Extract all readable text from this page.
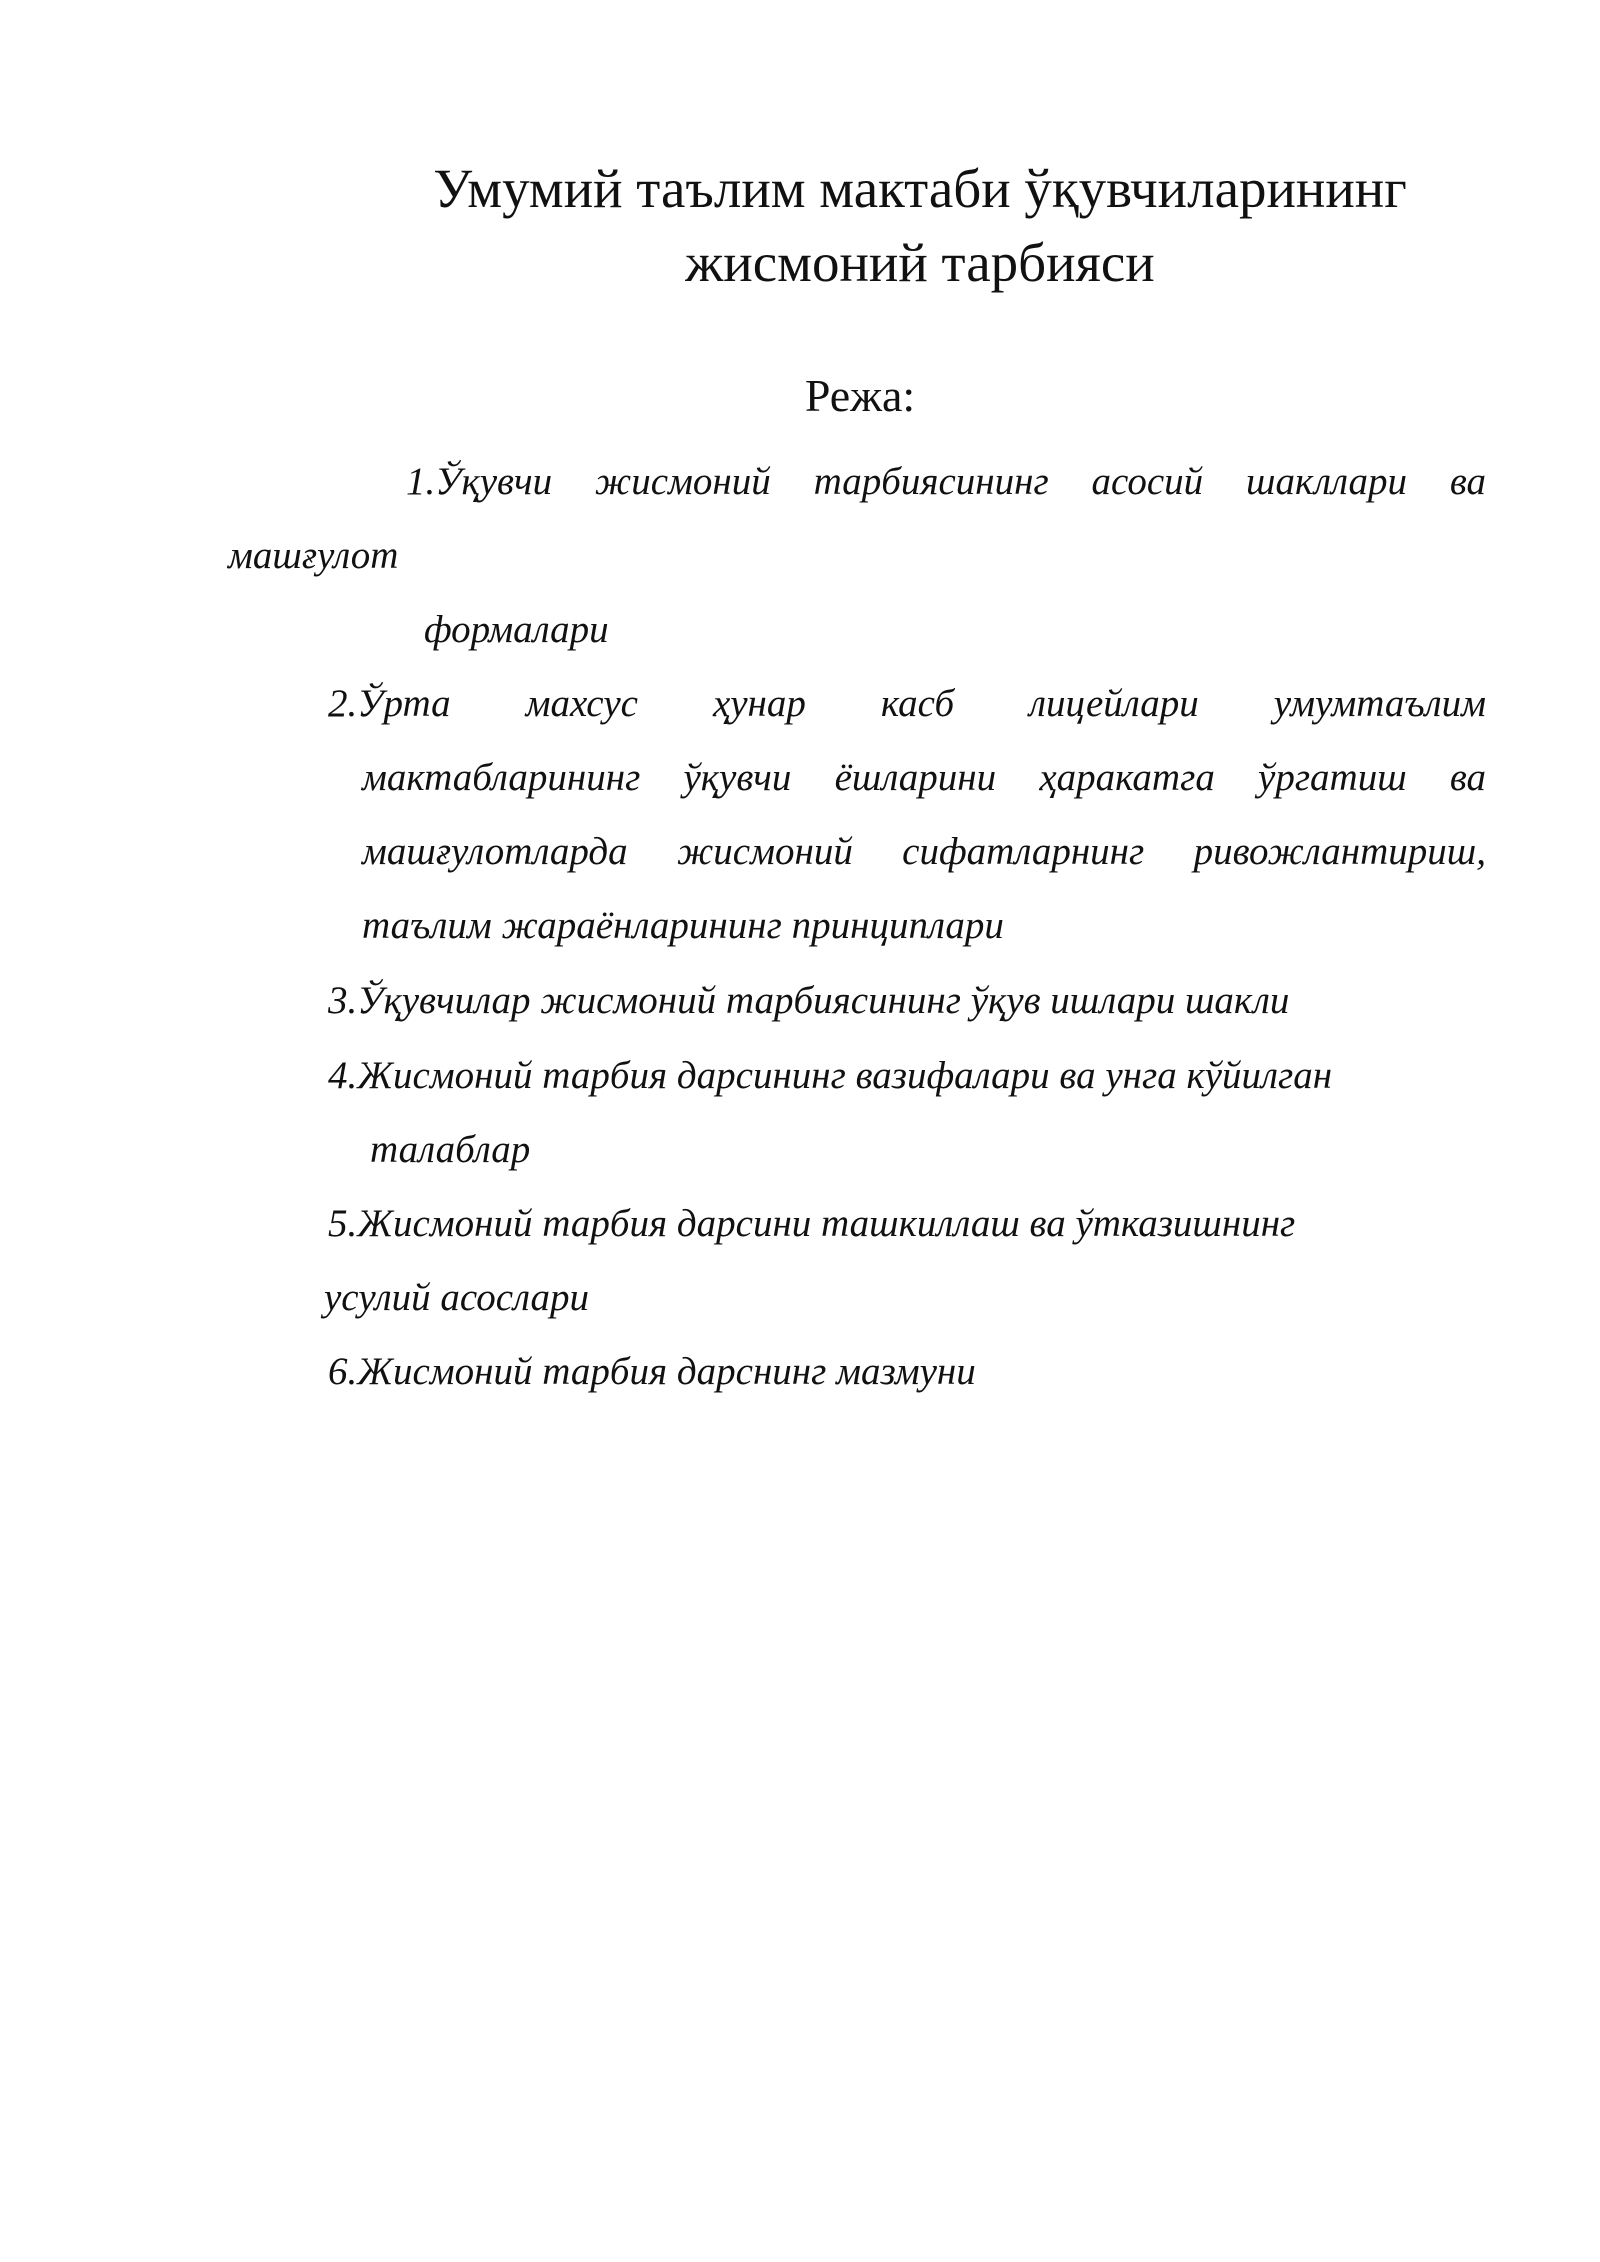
Умумий таълим мактаби ўқувчиларининг
жисмоний тарбияси

Режа:

1.Ўқувчи жисмоний тарбиясининг асосий шакллари ва

машғулот

формалари

2.Ўрта махсус ҳунар касб лицейлари умумтаълим

мактабларининг ўқувчи ёшларини ҳаракатга ўргатиш ва

машғулотларда жисмоний сифатларнинг ривожлантириш,

таълим жараёнларининг принциплари

3.Ўқувчилар жисмоний тарбиясининг ўқув ишлари шакли

4.Жисмоний тарбия дарсининг вазифалари ва унга кўйилган

талаблар

5.Жисмоний тарбия дарсини ташкиллаш ва ўтказишнинг

усулий асослари

6.Жисмоний тарбия дарснинг мазмуни
